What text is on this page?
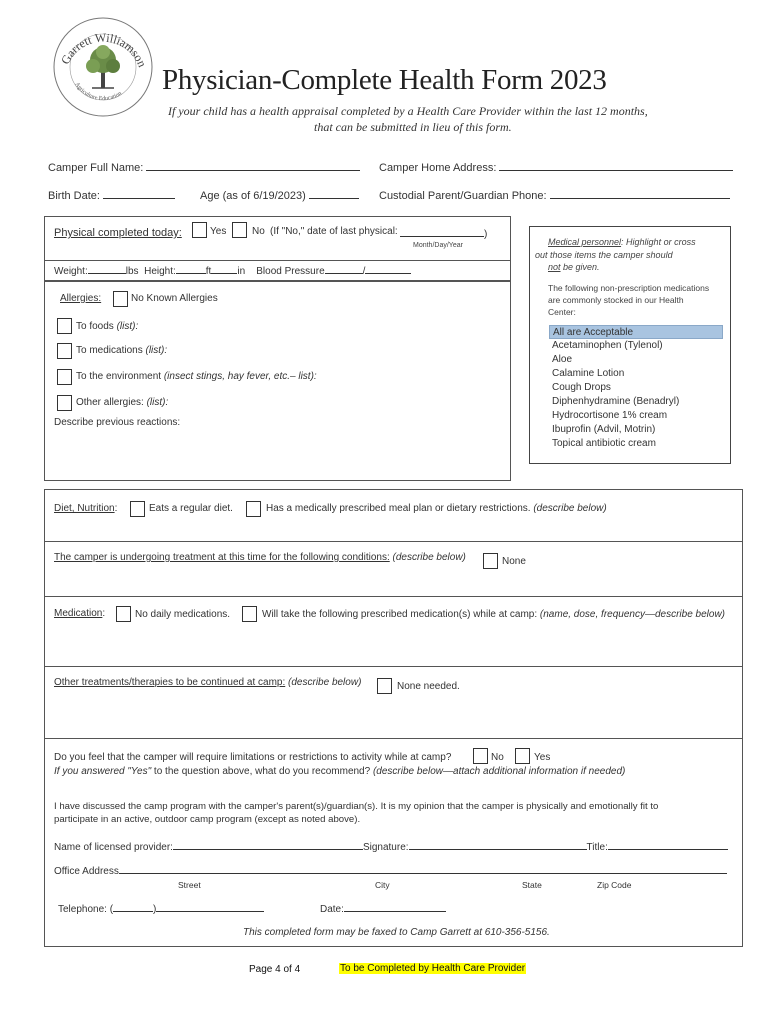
Garrett Williamson
Agriculture Education Physician-Complete Health Form 2023
If your child has a health appraisal completed by a Health Care Provider within the last 12 months,
that can be submitted in lieu of this form.
Camper Full Name:	Camper Home Address:
Birth Date:	Age (as of 6/19/2023)	Custodial Parent/Guardian Phone:
Physical completed today:	Yes	No (If "No," date of last physical:	)
Month/Day/Year
Weight:	lbs Height:	ft	in Blood Pressure	/
Allergies:	No Known Allergies
To foods (list):
To medications (list):
To the environment (insect stings, hay fever, etc.– list):
Other allergies: (list):
Describe previous reactions:
Medical personnel: Highlight or cross
out those items the camper should
not be given.
The following non-prescription medications
are commonly stocked in our Health
Center:
All are Acceptable
Acetaminophen (Tylenol)
Aloe
Calamine Lotion
Cough Drops
Diphenhydramine (Benadryl)
Hydrocortisone 1% cream
Ibuprofin (Advil, Motrin)
Topical antibiotic cream
Diet, Nutrition:	Eats a regular diet.	Has a medically prescribed meal plan or dietary restrictions. (describe below)
The camper is undergoing treatment at this time for the following conditions: (describe below)	None
Medication:	No daily medications.	Will take the following prescribed medication(s) while at camp: (name, dose, frequency—describe below)
Other treatments/therapies to be continued at camp: (describe below)	None needed.
Do you feel that the camper will require limitations or restrictions to activity while at camp?	No	Yes
If you answered "Yes" to the question above, what do you recommend? (describe below—attach additional information if needed)
I have discussed the camp program with the camper's parent(s)/guardian(s). It is my opinion that the camper is physically and emotionally fit to
participate in an active, outdoor camp program (except as noted above).
Name of licensed provider:	Signature:	Title:
Office Address
Street	City	State	Zip Code
Telephone: (	)	Date:
This completed form may be faxed to Camp Garrett at 610-356-5156.
Page 4 of 4	To be Completed by Health Care Provider
